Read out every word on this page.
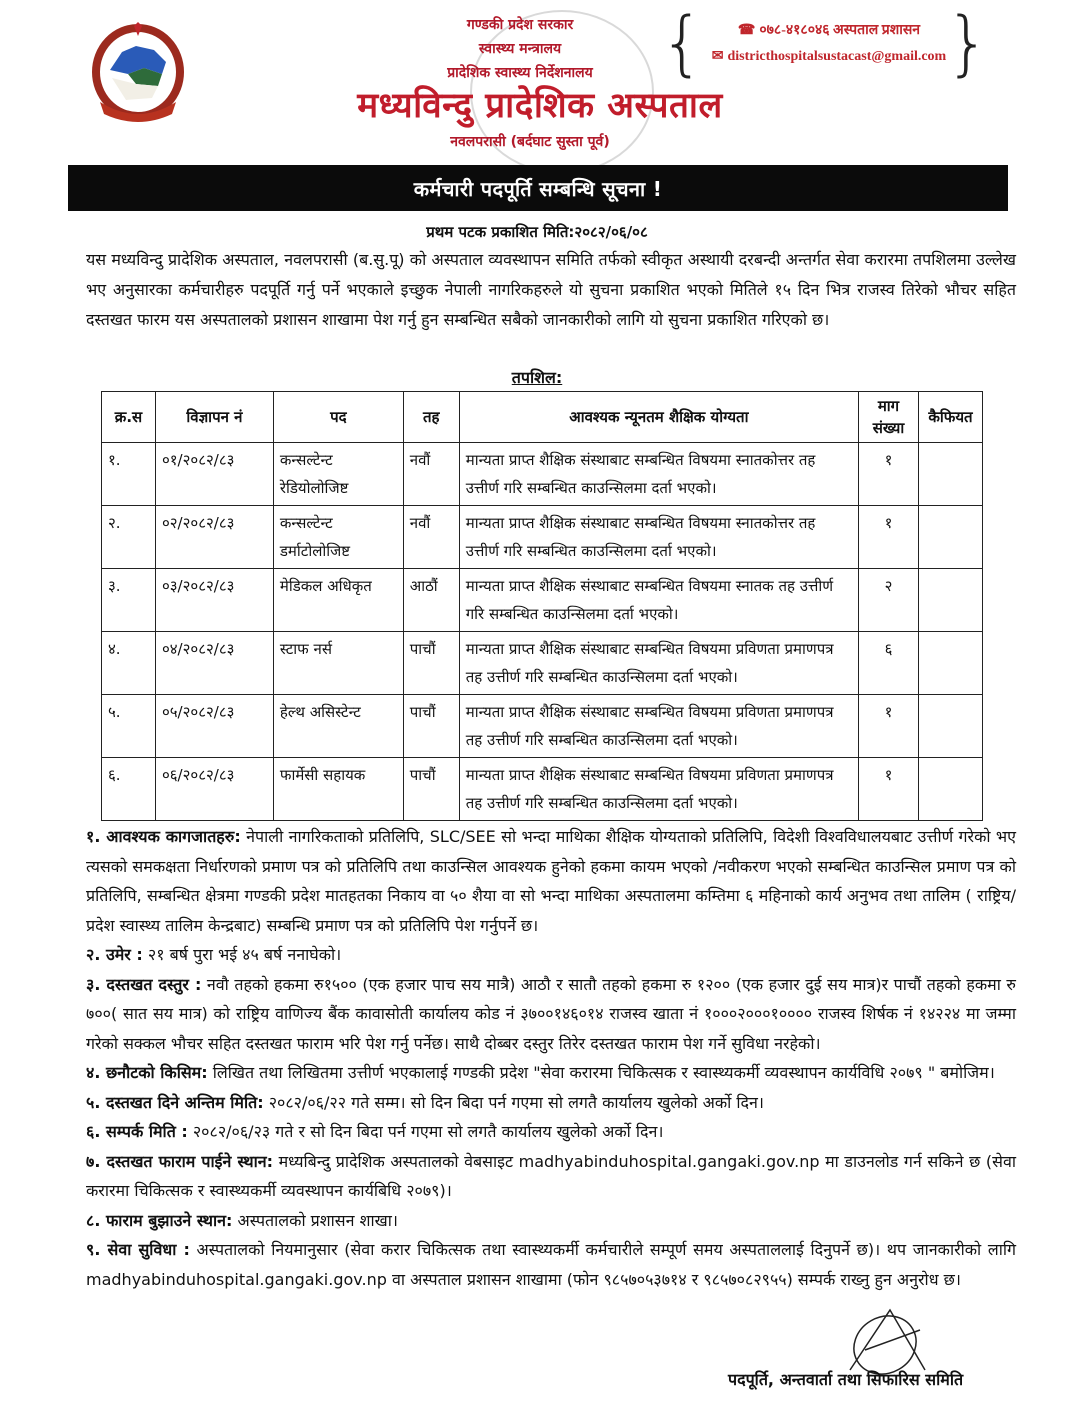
गण्डकी प्रदेश सरकार
स्वास्थ्य मन्त्रालय
प्रादेशिक स्वास्थ्य निर्देशनालय
मध्यविन्दु प्रादेशिक अस्पताल
नवलपरासी (बर्दघाट सुस्ता पूर्व)
{	☎ ०७८-४१८०४६ अस्पताल प्रशासन
✉ districthospitalsustacast@gmail.com }
कर्मचारी पदपूर्ति सम्बन्धि सूचना !
प्रथम पटक प्रकाशित मिति:२०८२/०६/०८
यस मध्यविन्दु प्रादेशिक अस्पताल, नवलपरासी (ब.सु.पू) को अस्पताल व्यवस्थापन समिति तर्फको स्वीकृत अस्थायी दरबन्दी अन्तर्गत सेवा करारमा तपशिलमा उल्लेख भए अनुसारका कर्मचारीहरु पदपूर्ति गर्नु पर्ने भएकाले इच्छुक नेपाली नागरिकहरुले यो सुचना प्रकाशित भएको मितिले १५ दिन भित्र राजस्व तिरेको भौचर सहित दस्तखत फारम यस अस्पतालको प्रशासन शाखामा पेश गर्नु हुन सम्बन्धित सबैको जानकारीको लागि यो सुचना प्रकाशित गरिएको छ।
तपशिल:
क्र.स	विज्ञापन नं	पद	तह	आवश्यक न्यूनतम शैक्षिक योग्यता	माग संख्या	कैफियत
१.	०१/२०८२/८३	कन्सल्टेन्ट रेडियोलोजिष्ट	नवौं	मान्यता प्राप्त शैक्षिक संस्थाबाट सम्बन्धित विषयमा स्नातकोत्तर तह उत्तीर्ण गरि सम्बन्धित काउन्सिलमा दर्ता भएको।	१	
२.	०२/२०८२/८३	कन्सल्टेन्ट डर्माटोलोजिष्ट	नवौं	मान्यता प्राप्त शैक्षिक संस्थाबाट सम्बन्धित विषयमा स्नातकोत्तर तह उत्तीर्ण गरि सम्बन्धित काउन्सिलमा दर्ता भएको।	१	
३.	०३/२०८२/८३	मेडिकल अधिकृत	आठौं	मान्यता प्राप्त शैक्षिक संस्थाबाट सम्बन्धित विषयमा स्नातक तह उत्तीर्ण गरि सम्बन्धित काउन्सिलमा दर्ता भएको।	२	
४.	०४/२०८२/८३	स्टाफ नर्स	पाचौं	मान्यता प्राप्त शैक्षिक संस्थाबाट सम्बन्धित विषयमा प्रविणता प्रमाणपत्र तह उत्तीर्ण गरि सम्बन्धित काउन्सिलमा दर्ता भएको।	६	
५.	०५/२०८२/८३	हेल्थ असिस्टेन्ट	पाचौं	मान्यता प्राप्त शैक्षिक संस्थाबाट सम्बन्धित विषयमा प्रविणता प्रमाणपत्र तह उत्तीर्ण गरि सम्बन्धित काउन्सिलमा दर्ता भएको।	१	
६.	०६/२०८२/८३	फार्मेसी सहायक	पाचौं	मान्यता प्राप्त शैक्षिक संस्थाबाट सम्बन्धित विषयमा प्रविणता प्रमाणपत्र तह उत्तीर्ण गरि सम्बन्धित काउन्सिलमा दर्ता भएको।	१	

१. आवश्यक कागजातहरु: नेपाली नागरिकताको प्रतिलिपि, SLC/SEE सो भन्दा माथिका शैक्षिक योग्यताको प्रतिलिपि, विदेशी विश्वविधालयबाट उत्तीर्ण गरेको भए त्यसको समकक्षता निर्धारणको प्रमाण पत्र को प्रतिलिपि तथा काउन्सिल आवश्यक हुनेको हकमा कायम भएको /नवीकरण भएको सम्बन्धित काउन्सिल प्रमाण पत्र को प्रतिलिपि, सम्बन्धित क्षेत्रमा गण्डकी प्रदेश मातहतका निकाय वा ५० शैया वा सो भन्दा माथिका अस्पतालमा कम्तिमा ६ महिनाको कार्य अनुभव तथा तालिम ( राष्ट्रिय/ प्रदेश स्वास्थ्य तालिम केन्द्रबाट) सम्बन्धि प्रमाण पत्र को प्रतिलिपि पेश गर्नुपर्ने छ।

२. उमेर : २१ बर्ष पुरा भई ४५ बर्ष ननाघेको।

३. दस्तखत दस्तुर : नवौ तहको हकमा रु१५०० (एक हजार पाच सय मात्रै) आठौ र सातौ तहको हकमा रु १२०० (एक हजार दुई सय मात्र)र पाचौं तहको हकमा रु ७००( सात सय मात्र) को राष्ट्रिय वाणिज्य बैंक कावासोती कार्यालय कोड नं ३७००१४६०१४ राजस्व खाता नं १०००२०००१०००० राजस्व शिर्षक नं १४२२४ मा जम्मा गरेको सक्कल भौचर सहित दस्तखत फाराम भरि पेश गर्नु पर्नेछ। साथै दोब्बर दस्तुर तिरेर दस्तखत फाराम पेश गर्ने सुविधा नरहेको।

४. छनौटको किसिम: लिखित तथा लिखितमा उत्तीर्ण भएकालाई गण्डकी प्रदेश "सेवा करारमा चिकित्सक र स्वास्थ्यकर्मी व्यवस्थापन कार्यविधि २०७९ " बमोजिम।

५. दस्तखत दिने अन्तिम मिति: २०८२/०६/२२ गते सम्म। सो दिन बिदा पर्न गएमा सो लगतै कार्यालय खुलेको अर्को दिन।

६. सम्पर्क मिति : २०८२/०६/२३ गते र सो दिन बिदा पर्न गएमा सो लगतै कार्यालय खुलेको अर्को दिन।

७. दस्तखत फाराम पाईने स्थान: मध्यबिन्दु प्रादेशिक अस्पतालको वेबसाइट madhyabinduhospital.gangaki.gov.np मा डाउनलोड गर्न सकिने छ (सेवा करारमा चिकित्सक र स्वास्थ्यकर्मी व्यवस्थापन कार्यबिधि २०७९)।

८. फाराम बुझाउने स्थान: अस्पतालको प्रशासन शाखा।

९. सेवा सुविधा : अस्पतालको नियमानुसार (सेवा करार चिकित्सक तथा स्वास्थ्यकर्मी कर्मचारीले सम्पूर्ण समय अस्पताललाई दिनुपर्ने छ)। थप जानकारीको लागि madhyabinduhospital.gangaki.gov.np वा अस्पताल प्रशासन शाखामा (फोन ९८५७०५३७१४ र ९८५७०८२९५५) सम्पर्क राख्नु हुन अनुरोध छ।

पदपूर्ति, अन्तवार्ता तथा सिफारिस समिति
